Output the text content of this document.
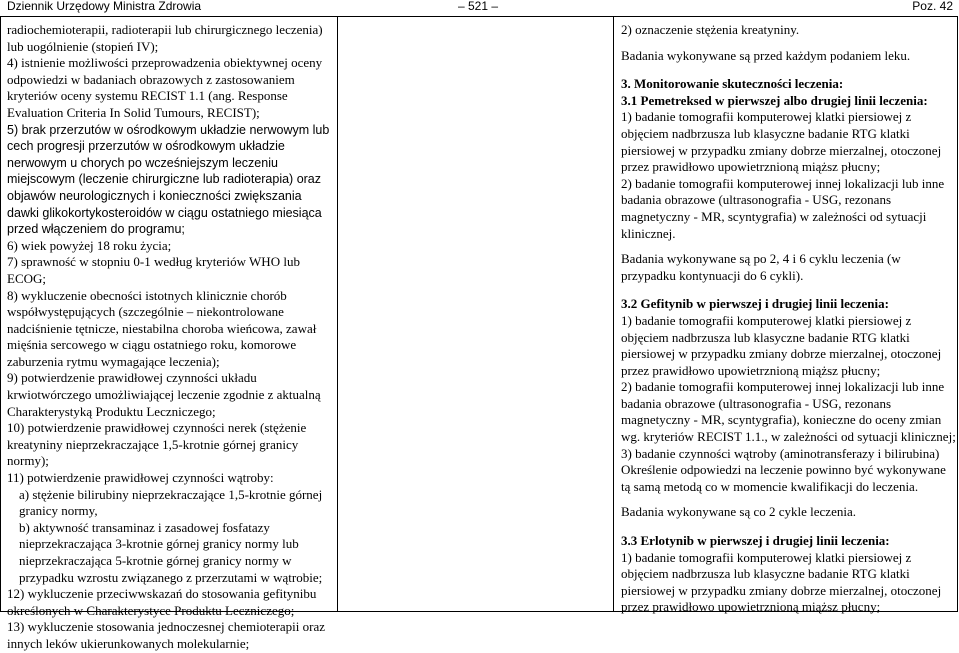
Dziennik Urzędowy Ministra Zdrowia	– 521 –	Poz. 42

radiochemioterapii, radioterapii lub chirurgicznego leczenia) lub uogólnienie (stopień IV);

4) istnienie możliwości przeprowadzenia obiektywnej oceny odpowiedzi w badaniach obrazowych z zastosowaniem kryteriów oceny systemu RECIST 1.1 (ang. Response Evaluation Criteria In Solid Tumours, RECIST);

5) brak przerzutów w ośrodkowym układzie nerwowym lub cech progresji przerzutów w ośrodkowym układzie nerwowym u chorych po wcześniejszym leczeniu miejscowym (leczenie chirurgiczne lub radioterapia) oraz objawów neurologicznych i konieczności zwiększania dawki glikokortykosteroidów w ciągu ostatniego miesiąca przed włączeniem do programu;

6) wiek powyżej 18 roku życia;

7) sprawność w stopniu 0-1 według kryteriów WHO lub ECOG;

8) wykluczenie obecności istotnych klinicznie chorób współwystępujących (szczególnie – niekontrolowane nadciśnienie tętnicze, niestabilna choroba wieńcowa, zawał mięśnia sercowego w ciągu ostatniego roku, komorowe zaburzenia rytmu wymagające leczenia);

9) potwierdzenie prawidłowej czynności układu krwiotwórczego umożliwiającej leczenie zgodnie z aktualną Charakterystyką Produktu Leczniczego;

10) potwierdzenie prawidłowej czynności nerek (stężenie kreatyniny nieprzekraczające 1,5-krotnie górnej granicy normy);

11) potwierdzenie prawidłowej czynności wątroby:

a) stężenie bilirubiny nieprzekraczające 1,5-krotnie górnej granicy normy,

b) aktywność transaminaz i zasadowej fosfatazy nieprzekraczająca 3-krotnie górnej granicy normy lub nieprzekraczająca 5-krotnie górnej granicy normy w przypadku wzrostu związanego z przerzutami w wątrobie;

12) wykluczenie przeciwwskazań do stosowania gefitynibu określonych w Charakterystyce Produktu Leczniczego;

13) wykluczenie stosowania jednoczesnej chemioterapii oraz innych leków ukierunkowanych molekularnie;

2) oznaczenie stężenia kreatyniny.

Badania wykonywane są przed każdym podaniem leku.

3. Monitorowanie skuteczności leczenia:

3.1 Pemetreksed w pierwszej albo drugiej linii leczenia:

1) badanie tomografii komputerowej klatki piersiowej z objęciem nadbrzusza lub klasyczne badanie RTG klatki piersiowej w przypadku zmiany dobrze mierzalnej, otoczonej przez prawidłowo upowietrznioną miąższ płucny;

2) badanie tomografii komputerowej innej lokalizacji lub inne badania obrazowe (ultrasonografia - USG, rezonans magnetyczny - MR, scyntygrafia) w zależności od sytuacji klinicznej.

Badania wykonywane są po 2, 4 i 6 cyklu leczenia (w przypadku kontynuacji do 6 cykli).

3.2 Gefitynib w pierwszej i drugiej linii leczenia:

1) badanie tomografii komputerowej klatki piersiowej z objęciem nadbrzusza lub klasyczne badanie RTG klatki piersiowej w przypadku zmiany dobrze mierzalnej, otoczonej przez prawidłowo upowietrznioną miąższ płucny;

2) badanie tomografii komputerowej innej lokalizacji lub inne badania obrazowe (ultrasonografia - USG, rezonans magnetyczny - MR, scyntygrafia), konieczne do oceny zmian wg. kryteriów RECIST 1.1., w zależności od sytuacji klinicznej;

3) badanie czynności wątroby (aminotransferazy i bilirubina)

Określenie odpowiedzi na leczenie powinno być wykonywane tą samą metodą co w momencie kwalifikacji do leczenia.

Badania wykonywane są co 2 cykle leczenia.

3.3 Erlotynib w pierwszej i drugiej linii leczenia:

1) badanie tomografii komputerowej klatki piersiowej z objęciem nadbrzusza lub klasyczne badanie RTG klatki piersiowej w przypadku zmiany dobrze mierzalnej, otoczonej przez prawidłowo upowietrznioną miąższ płucny;
